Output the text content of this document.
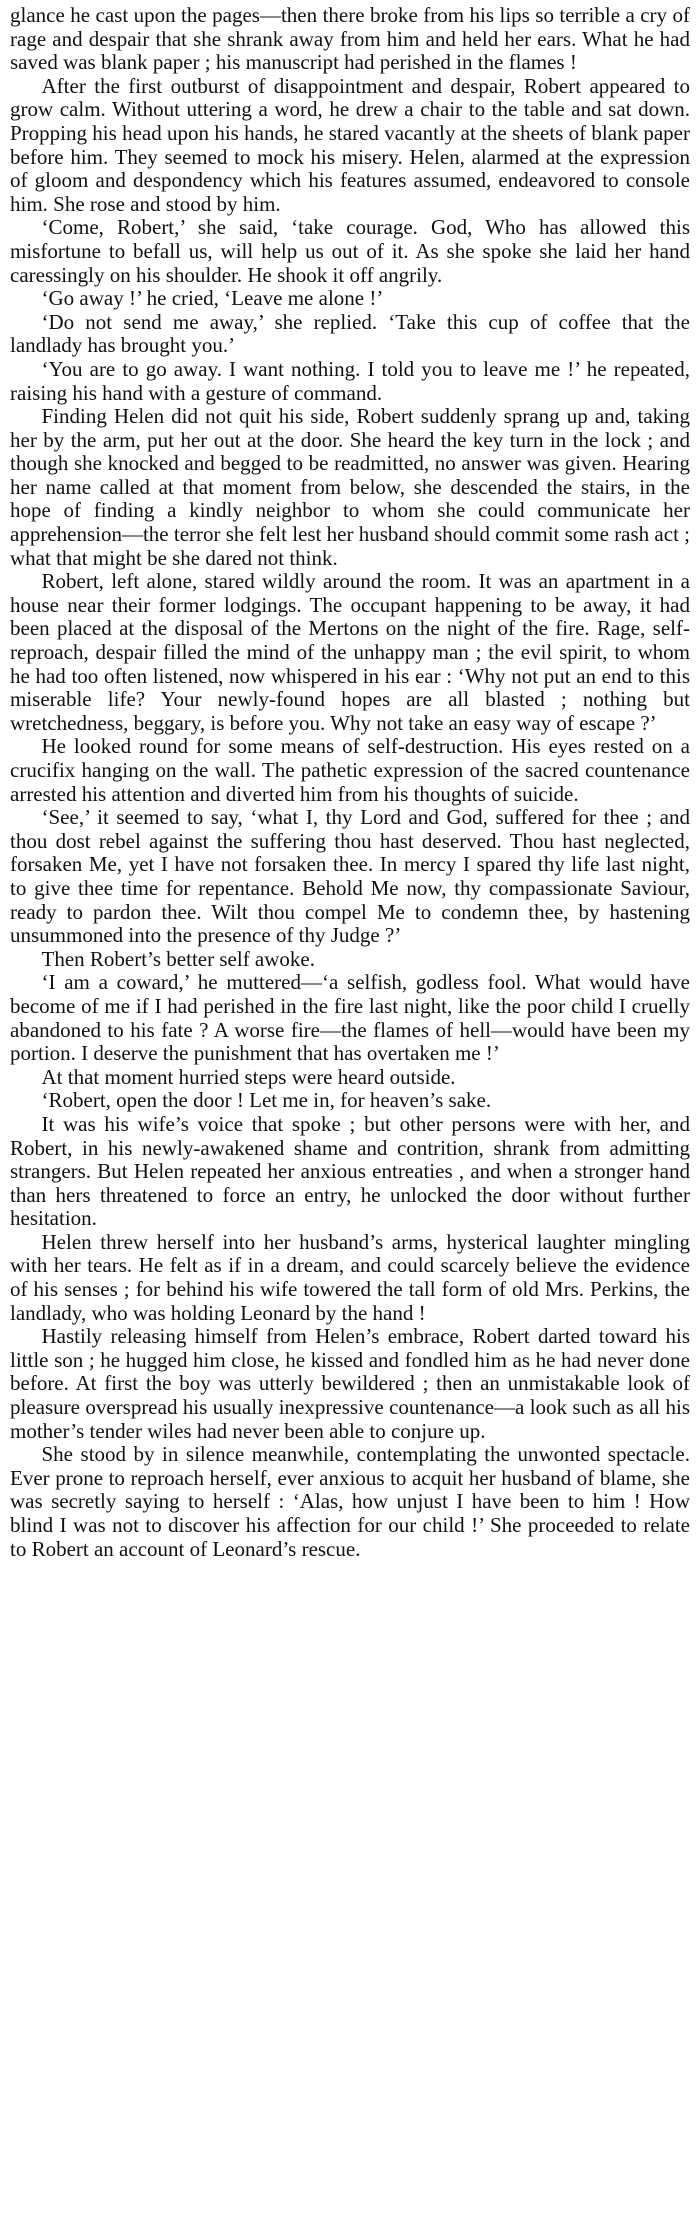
glance he cast upon the pages—then there broke from his lips so terrible a cry of rage and despair that she shrank away from him and held her ears. What he had saved was blank paper ; his manuscript had perished in the flames !

After the first outburst of disappointment and despair, Robert appeared to grow calm. Without uttering a word, he drew a chair to the table and sat down. Propping his head upon his hands, he stared vacantly at the sheets of blank paper before him. They seemed to mock his misery. Helen, alarmed at the expression of gloom and despondency which his features assumed, endeavored to console him. She rose and stood by him.

‘Come, Robert,’ she said, ‘take courage. God, Who has allowed this misfortune to befall us, will help us out of it. As she spoke she laid her hand caressingly on his shoulder. He shook it off angrily.

‘Go away !’ he cried, ‘Leave me alone !’

‘Do not send me away,’ she replied. ‘Take this cup of coffee that the landlady has brought you.’

‘You are to go away. I want nothing. I told you to leave me !’ he repeated, raising his hand with a gesture of command.

Finding Helen did not quit his side, Robert suddenly sprang up and, taking her by the arm, put her out at the door. She heard the key turn in the lock ; and though she knocked and begged to be readmitted, no answer was given. Hearing her name called at that moment from below, she descended the stairs, in the hope of finding a kindly neighbor to whom she could communicate her apprehension—the terror she felt lest her husband should commit some rash act ; what that might be she dared not think.

Robert, left alone, stared wildly around the room. It was an apartment in a house near their former lodgings. The occupant happening to be away, it had been placed at the disposal of the Mertons on the night of the fire. Rage, self-reproach, despair filled the mind of the unhappy man ; the evil spirit, to whom he had too often listened, now whispered in his ear : ‘Why not put an end to this miserable life? Your newly-found hopes are all blasted ; nothing but wretchedness, beggary, is before you. Why not take an easy way of escape ?’

He looked round for some means of self-destruction. His eyes rested on a crucifix hanging on the wall. The pathetic expression of the sacred countenance arrested his attention and diverted him from his thoughts of suicide.

‘See,’ it seemed to say, ‘what I, thy Lord and God, suffered for thee ; and thou dost rebel against the suffering thou hast deserved. Thou hast neglected, forsaken Me, yet I have not forsaken thee. In mercy I spared thy life last night, to give thee time for repentance. Behold Me now, thy compassionate Saviour, ready to pardon thee. Wilt thou compel Me to condemn thee, by hastening unsummoned into the presence of thy Judge ?’

Then Robert’s better self awoke.

‘I am a coward,’ he muttered—‘a selfish, godless fool. What would have become of me if I had perished in the fire last night, like the poor child I cruelly abandoned to his fate ? A worse fire—the flames of hell—would have been my portion. I deserve the punishment that has overtaken me !’

At that moment hurried steps were heard outside.

‘Robert, open the door ! Let me in, for heaven’s sake.

It was his wife’s voice that spoke ; but other persons were with her, and Robert, in his newly-awakened shame and contrition, shrank from admitting strangers. But Helen repeated her anxious entreaties , and when a stronger hand than hers threatened to force an entry, he unlocked the door without further hesitation.

Helen threw herself into her husband’s arms, hysterical laughter mingling with her tears. He felt as if in a dream, and could scarcely believe the evidence of his senses ; for behind his wife towered the tall form of old Mrs. Perkins, the landlady, who was holding Leonard by the hand !

Hastily releasing himself from Helen’s embrace, Robert darted toward his little son ; he hugged him close, he kissed and fondled him as he had never done before. At first the boy was utterly bewildered ; then an unmistakable look of pleasure overspread his usually inexpressive countenance—a look such as all his mother’s tender wiles had never been able to conjure up.

She stood by in silence meanwhile, contemplating the unwonted spectacle. Ever prone to reproach herself, ever anxious to acquit her husband of blame, she was secretly saying to herself : ‘Alas, how unjust I have been to him ! How blind I was not to discover his affection for our child !’ She proceeded to relate to Robert an account of Leonard’s rescue.
